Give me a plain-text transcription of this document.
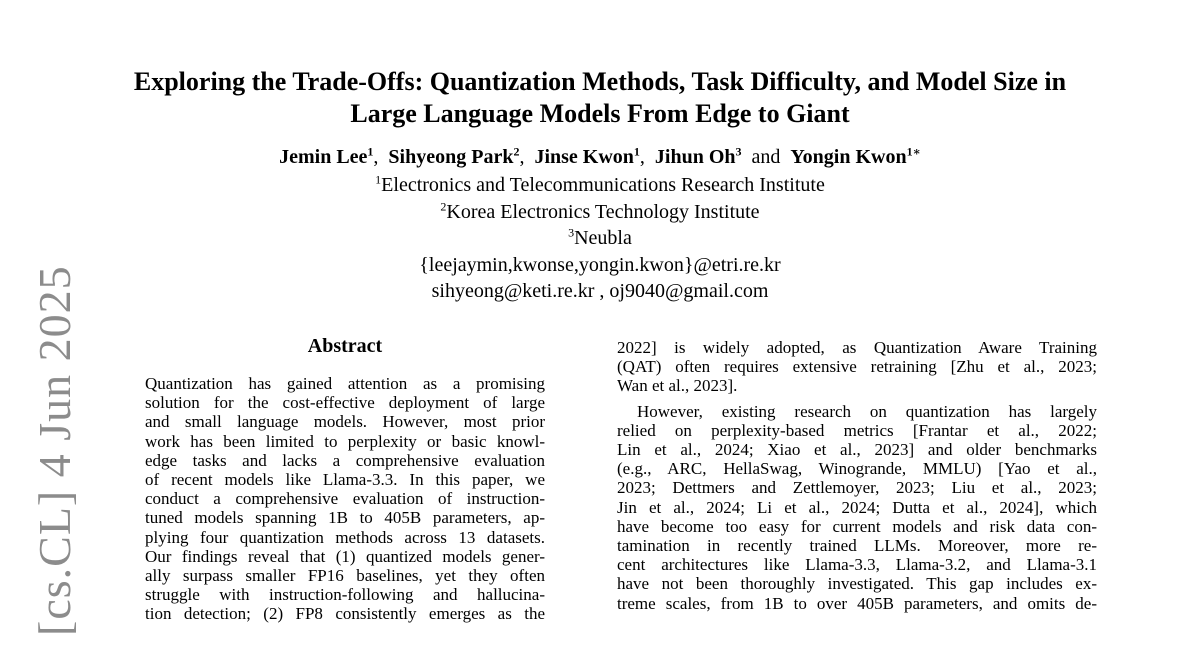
[cs.CL] 4 Jun 2025
Exploring the Trade-Offs: Quantization Methods, Task Difficulty, and Model Size in
Large Language Models From Edge to Giant
Jemin Lee$^1$, Sihyeong Park$^2$, Jinse Kwon$^1$, Jihun Oh$^3$ and Yongin Kwon$^{1∗}$
$^1$Electronics and Telecommunications Research Institute
$^2$Korea Electronics Technology Institute
$^3$Neubla
{leejaymin,kwonse,yongin.kwon}@etri.re.kr
sihyeong@keti.re.kr , oj9040@gmail.com
Abstract
Quantization has gained attention as a promising
solution for the cost-effective deployment of large
and small language models. However, most prior
work has been limited to perplexity or basic knowl-
edge tasks and lacks a comprehensive evaluation
of recent models like Llama-3.3. In this paper, we
conduct a comprehensive evaluation of instruction-
tuned models spanning 1B to 405B parameters, ap-
plying four quantization methods across 13 datasets.
Our findings reveal that (1) quantized models gener-
ally surpass smaller FP16 baselines, yet they often
struggle with instruction-following and hallucina-
tion detection; (2) FP8 consistently emerges as the
2022] is widely adopted, as Quantization Aware Training
(QAT) often requires extensive retraining [Zhu et al., 2023;
Wan et al., 2023].
However, existing research on quantization has largely
relied on perplexity-based metrics [Frantar et al., 2022;
Lin et al., 2024; Xiao et al., 2023] and older benchmarks
(e.g., ARC, HellaSwag, Winogrande, MMLU) [Yao et al.,
2023; Dettmers and Zettlemoyer, 2023; Liu et al., 2023;
Jin et al., 2024; Li et al., 2024; Dutta et al., 2024], which
have become too easy for current models and risk data con-
tamination in recently trained LLMs. Moreover, more re-
cent architectures like Llama-3.3, Llama-3.2, and Llama-3.1
have not been thoroughly investigated. This gap includes ex-
treme scales, from 1B to over 405B parameters, and omits de-
